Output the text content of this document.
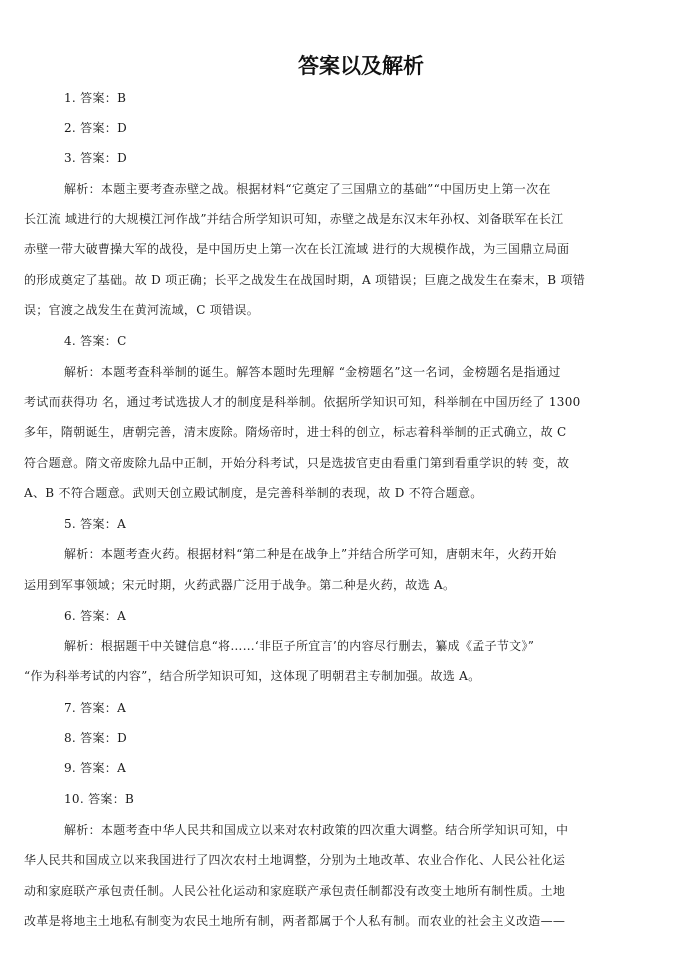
答案以及解析
1. 答案：B
2. 答案：D
3. 答案：D
解析：本题主要考查赤壁之战。根据材料“它奠定了三国鼎立的基础”“中国历史上第一次在
长江流 域进行的大规模江河作战”并结合所学知识可知，赤壁之战是东汉末年孙权、刘备联军在长江
赤壁一带大破曹操大军的战役，是中国历史上第一次在长江流域 进行的大规模作战，为三国鼎立局面
的形成奠定了基础。故 D 项正确；长平之战发生在战国时期，A 项错误；巨鹿之战发生在秦末，B 项错
误；官渡之战发生在黄河流域，C 项错误。
4. 答案：C
解析：本题考查科举制的诞生。解答本题时先理解 “金榜题名”这一名词，金榜题名是指通过
考试而获得功 名，通过考试选拔人才的制度是科举制。依据所学知识可知，科举制在中国历经了 1300
多年，隋朝诞生，唐朝完善，清末废除。隋炀帝时，进士科的创立，标志着科举制的正式确立，故 C
符合题意。隋文帝废除九品中正制，开始分科考试，只是选拔官吏由看重门第到看重学识的转 变，故
A、B 不符合题意。武则天创立殿试制度，是完善科举制的表现，故 D 不符合题意。
5. 答案：A
解析：本题考查火药。根据材料“第二种是在战争上”并结合所学可知，唐朝末年，火药开始
运用到军事领域；宋元时期，火药武器广泛用于战争。第二种是火药，故选 A。
6. 答案：A
解析：根据题干中关键信息“将……‘非臣子所宜言’的内容尽行删去，纂成《孟子节文》”
“作为科举考试的内容”，结合所学知识可知，这体现了明朝君主专制加强。故选 A。
7. 答案：A
8. 答案：D
9. 答案：A
10. 答案：B
解析：本题考查中华人民共和国成立以来对农村政策的四次重大调整。结合所学知识可知，中
华人民共和国成立以来我国进行了四次农村土地调整，分别为土地改革、农业合作化、人民公社化运
动和家庭联产承包责任制。人民公社化运动和家庭联产承包责任制都没有改变土地所有制性质。土地
改革是将地主土地私有制变为农民土地所有制，两者都属于个人私有制。而农业的社会主义改造——
